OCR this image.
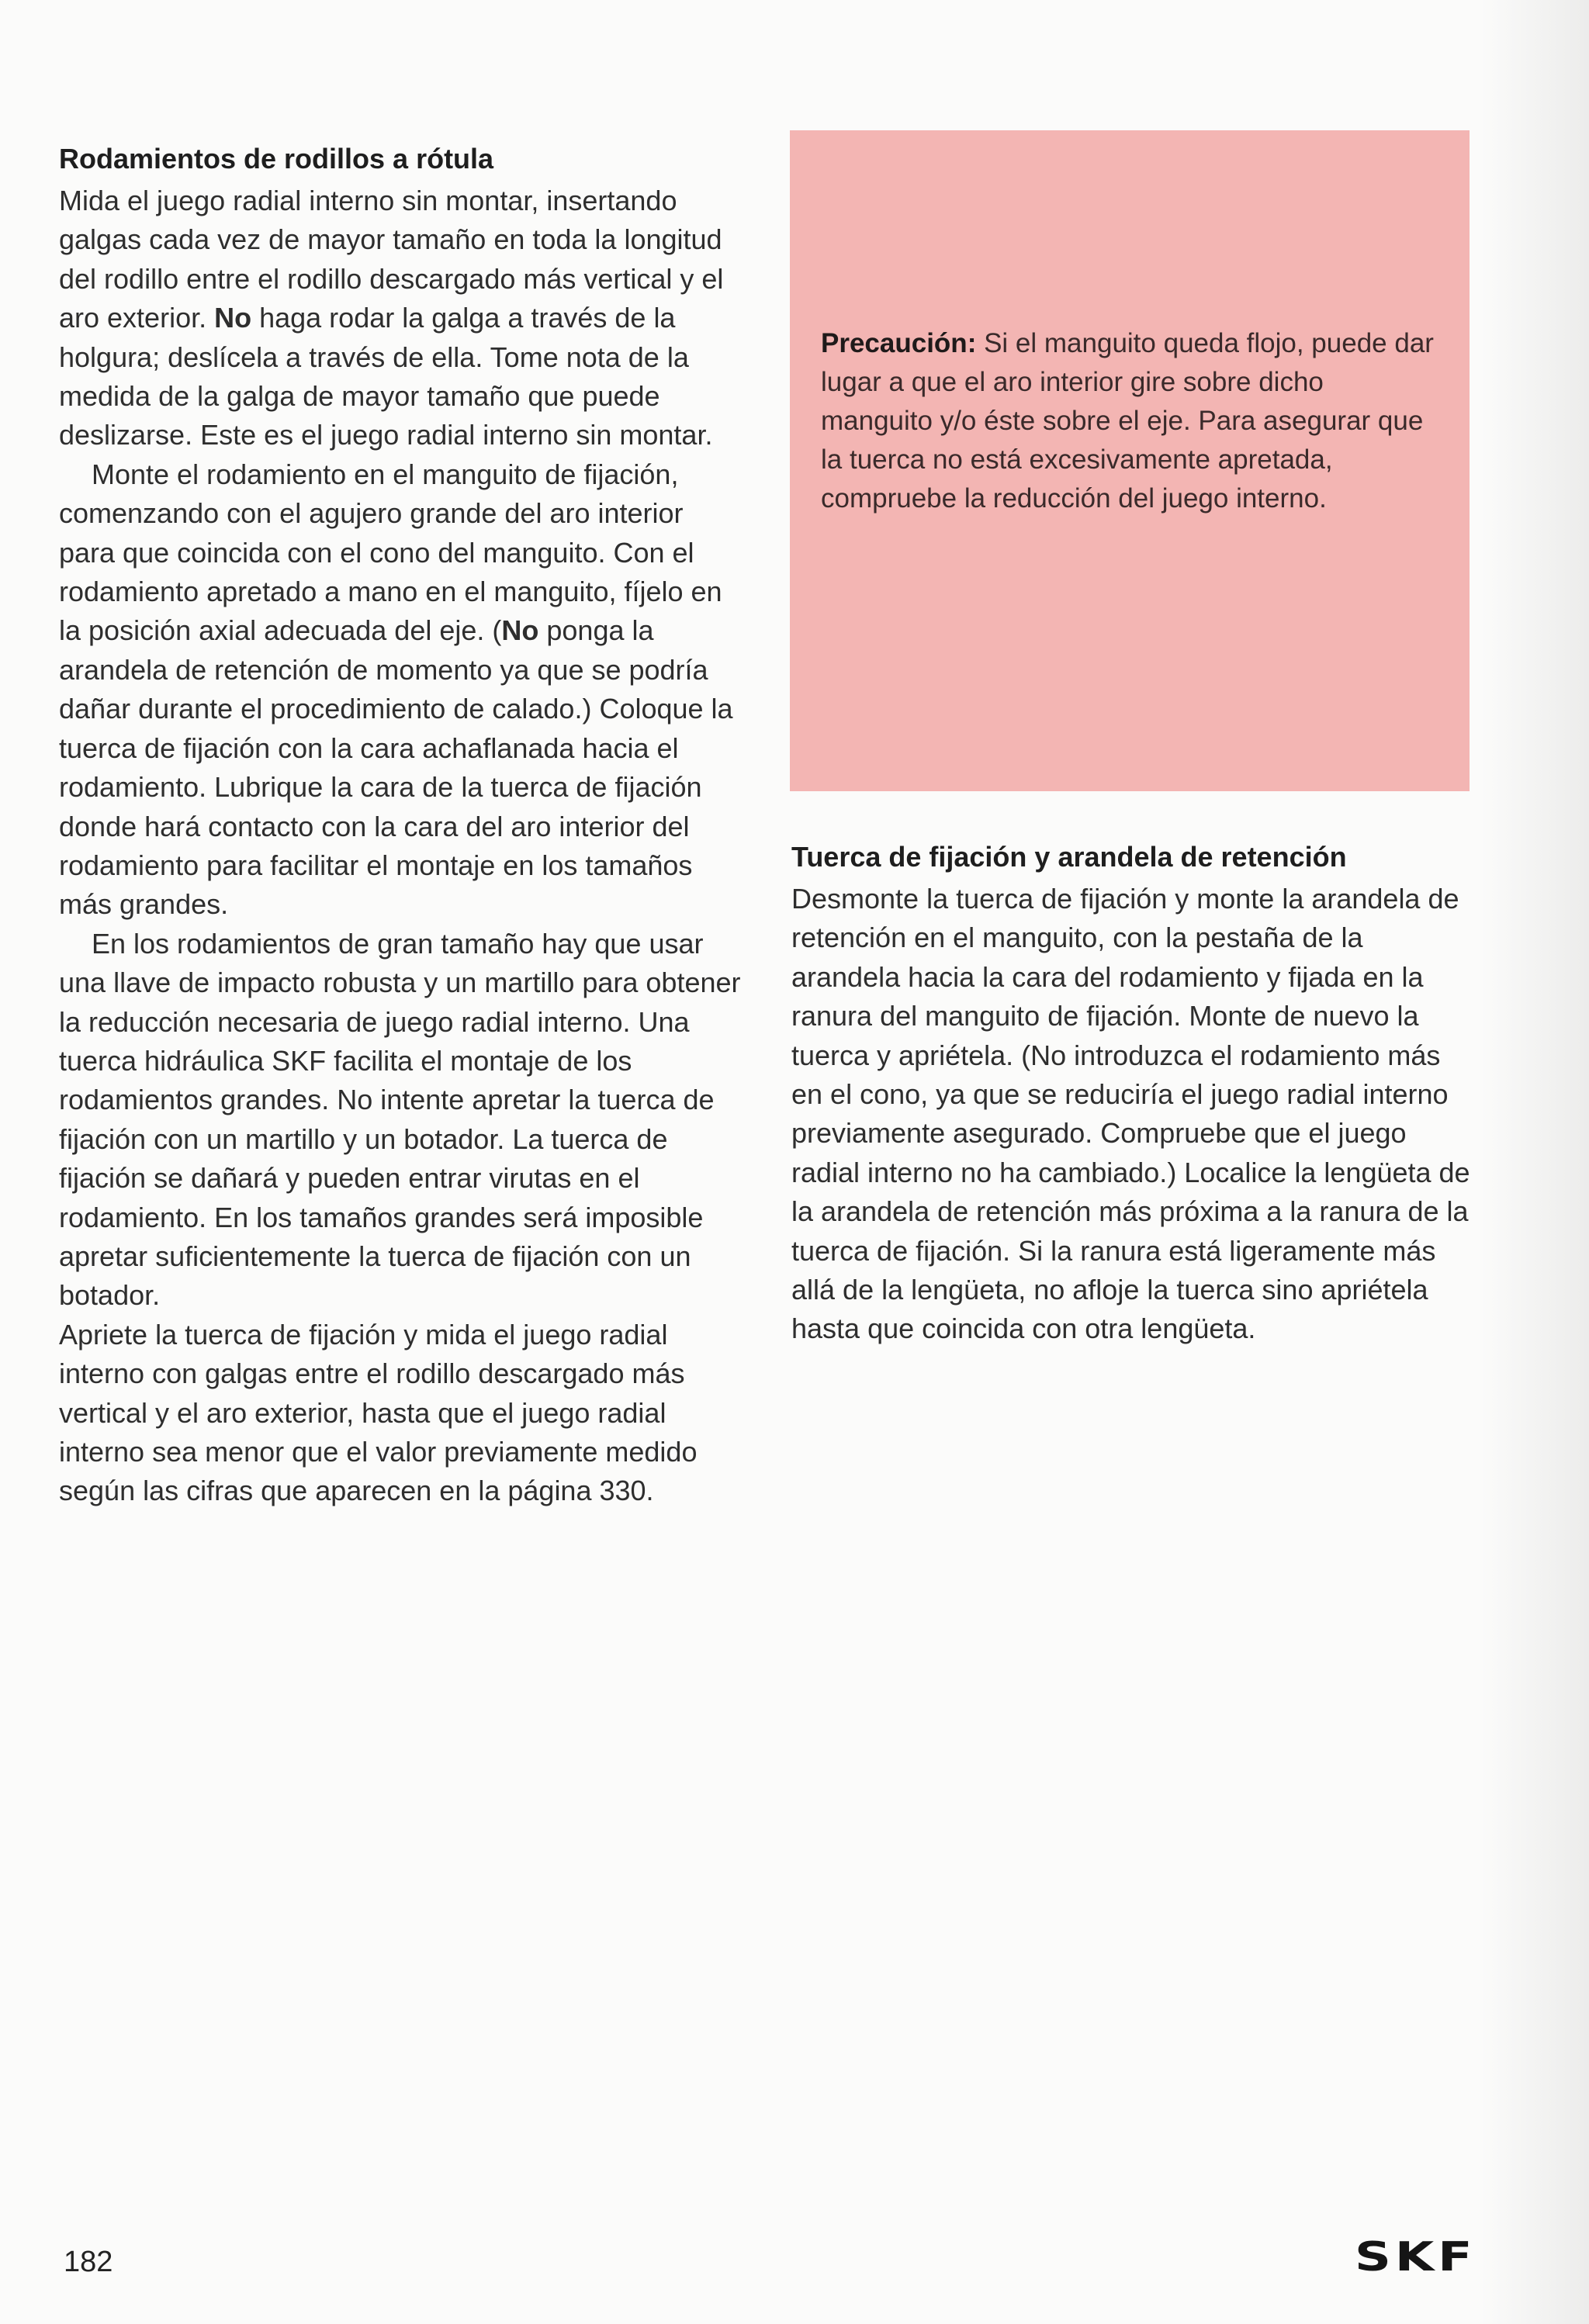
Rodamientos de rodillos a rótula

Mida el juego radial interno sin montar, insertando galgas cada vez de mayor tamaño en toda la longitud del rodillo entre el rodillo descargado más vertical y el aro exterior. No haga rodar la galga a través de la holgura; deslícela a través de ella. Tome nota de la medida de la galga de mayor tamaño que puede deslizarse. Este es el juego radial interno sin montar.

Monte el rodamiento en el manguito de fijación, comenzando con el agujero grande del aro interior para que coincida con el cono del manguito. Con el rodamiento apretado a mano en el manguito, fíjelo en la posición axial adecuada del eje. (No ponga la arandela de retención de momento ya que se podría dañar durante el procedimiento de calado.) Coloque la tuerca de fijación con la cara achaflanada hacia el rodamiento. Lubrique la cara de la tuerca de fijación donde hará contacto con la cara del aro interior del rodamiento para facilitar el montaje en los tamaños más grandes.

En los rodamientos de gran tamaño hay que usar una llave de impacto robusta y un martillo para obtener la reducción necesaria de juego radial interno. Una tuerca hidráulica SKF facilita el montaje de los rodamientos grandes. No intente apretar la tuerca de fijación con un martillo y un botador. La tuerca de fijación se dañará y pueden entrar virutas en el rodamiento. En los tamaños grandes será imposible apretar suficientemente la tuerca de fijación con un botador.

Apriete la tuerca de fijación y mida el juego radial interno con galgas entre el rodillo descargado más vertical y el aro exterior, hasta que el juego radial interno sea menor que el valor previamente medido según las cifras que aparecen en la página 330.

Precaución: Si el manguito queda flojo, puede dar lugar a que el aro interior gire sobre dicho manguito y/o éste sobre el eje. Para asegurar que la tuerca no está excesivamente apretada, compruebe la reducción del juego interno.

Tuerca de fijación y arandela de retención

Desmonte la tuerca de fijación y monte la arandela de retención en el manguito, con la pestaña de la arandela hacia la cara del rodamiento y fijada en la ranura del manguito de fijación. Monte de nuevo la tuerca y apriétela. (No introduzca el rodamiento más en el cono, ya que se reduciría el juego radial interno previamente asegurado. Compruebe que el juego radial interno no ha cambiado.) Localice la lengüeta de la arandela de retención más próxima a la ranura de la tuerca de fijación. Si la ranura está ligeramente más allá de la lengüeta, no afloje la tuerca sino apriétela hasta que coincida con otra lengüeta.

182	SKF
